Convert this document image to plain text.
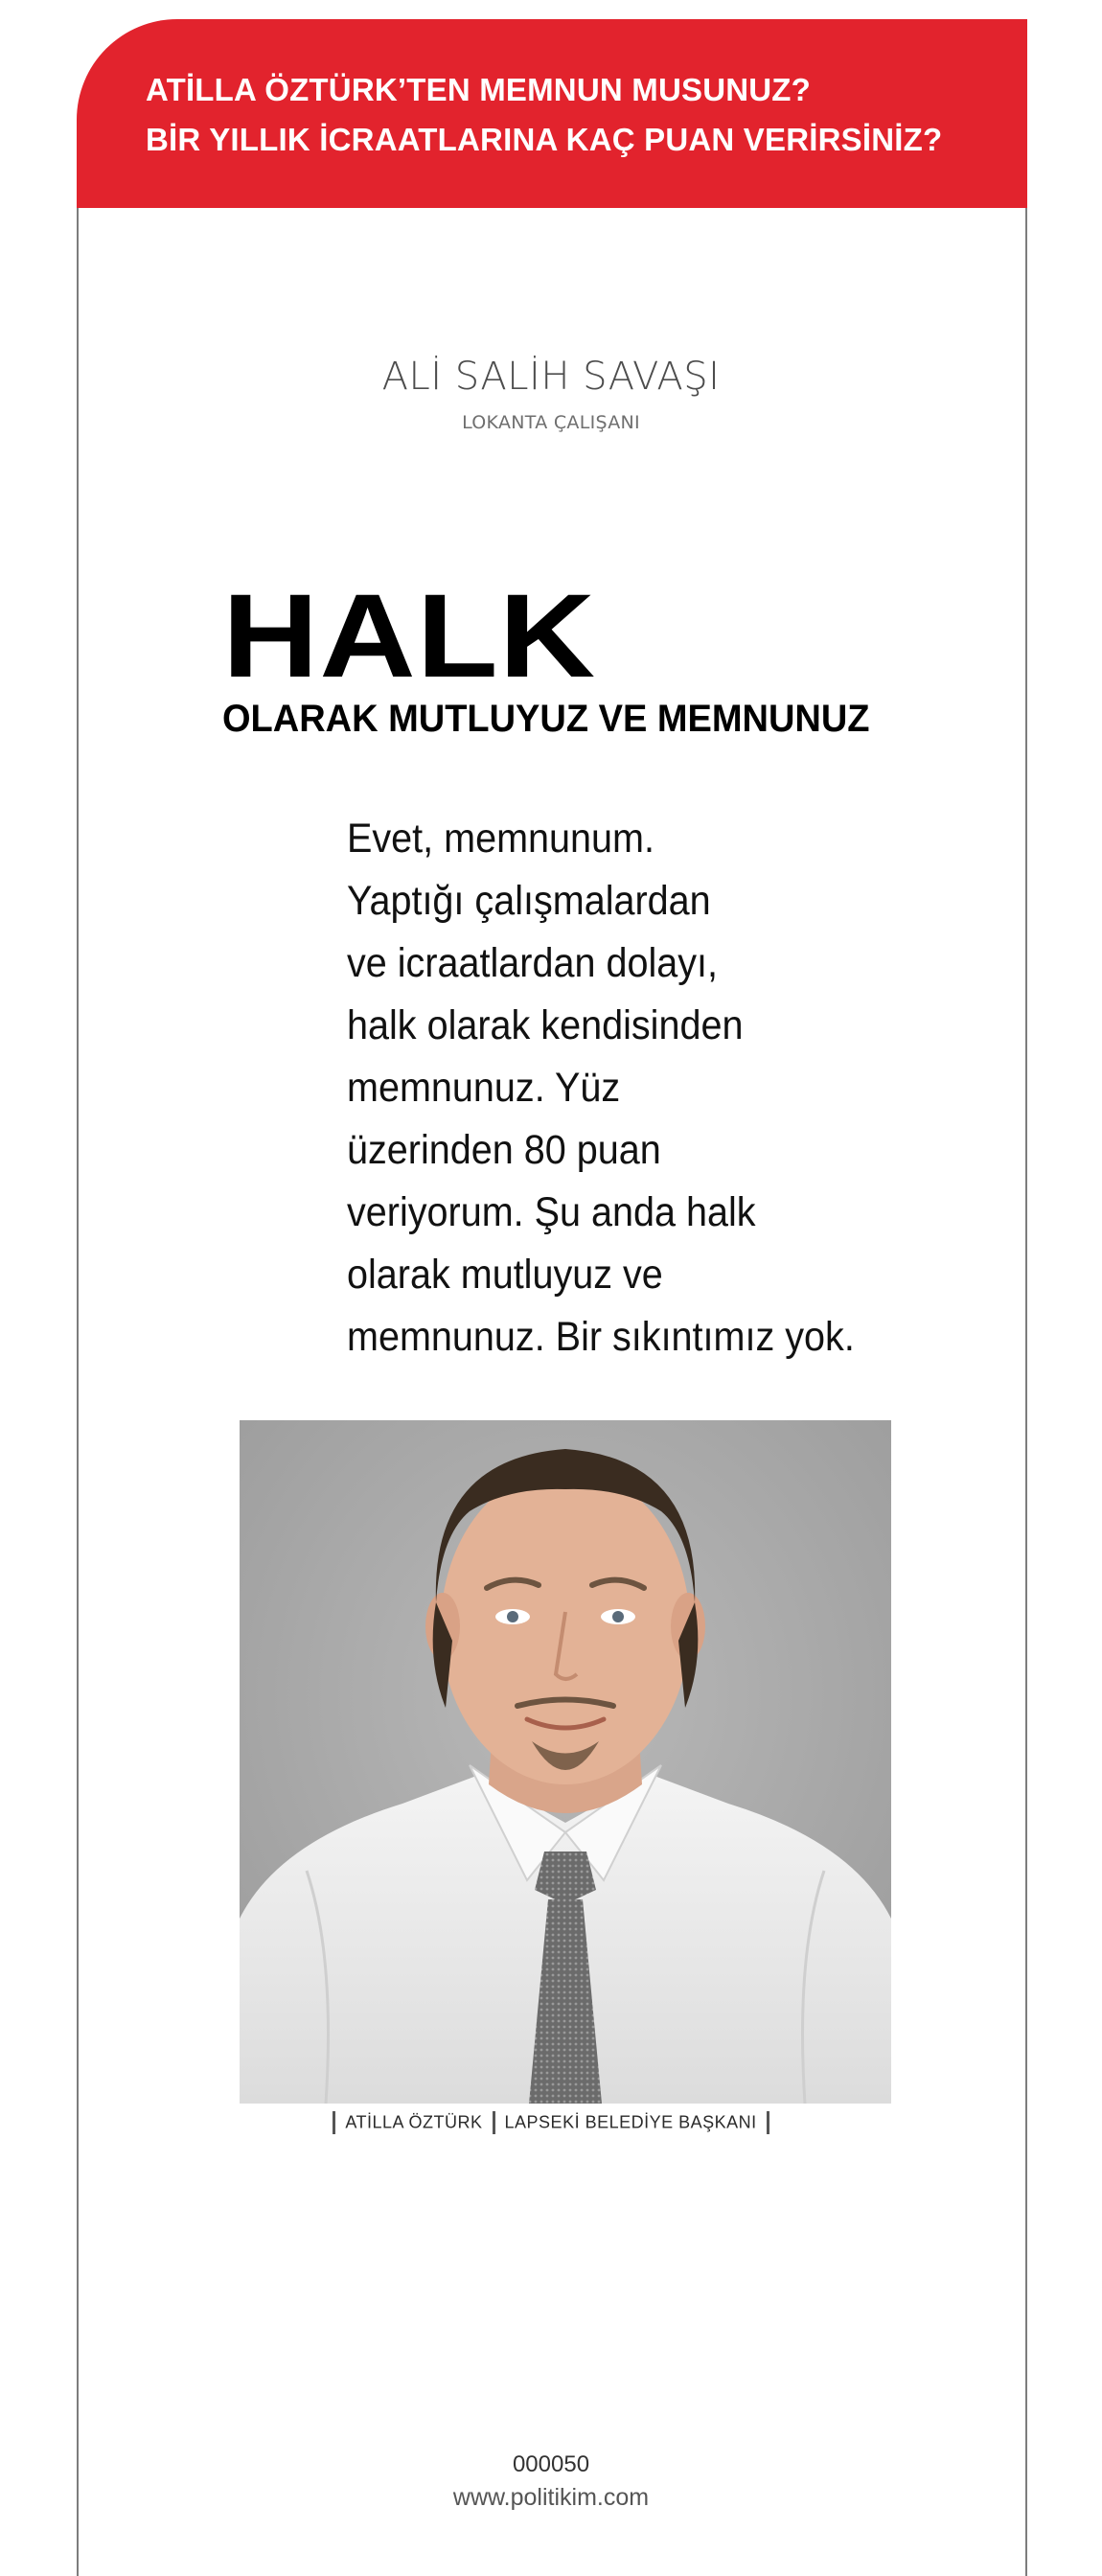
ATİLLA ÖZTÜRK’TEN MEMNUN MUSUNUZ?
BİR YILLIK İCRAATLARINA KAÇ PUAN VERİRSİNİZ?
ALİ SALİH SAVAŞI
LOKANTA ÇALIŞANI
HALK
OLARAK MUTLUYUZ VE MEMNUNUZ
Evet, memnunum.
Yaptığı çalışmalardan
ve icraatlardan dolayı,
halk olarak kendisinden
memnunuz. Yüz
üzerinden 80 puan
veriyorum. Şu anda halk
olarak mutluyuz ve
memnunuz. Bir sıkıntımız yok.
ATİLLA ÖZTÜRK LAPSEKİ BELEDİYE BAŞKANI
000050
www.politikim.com
